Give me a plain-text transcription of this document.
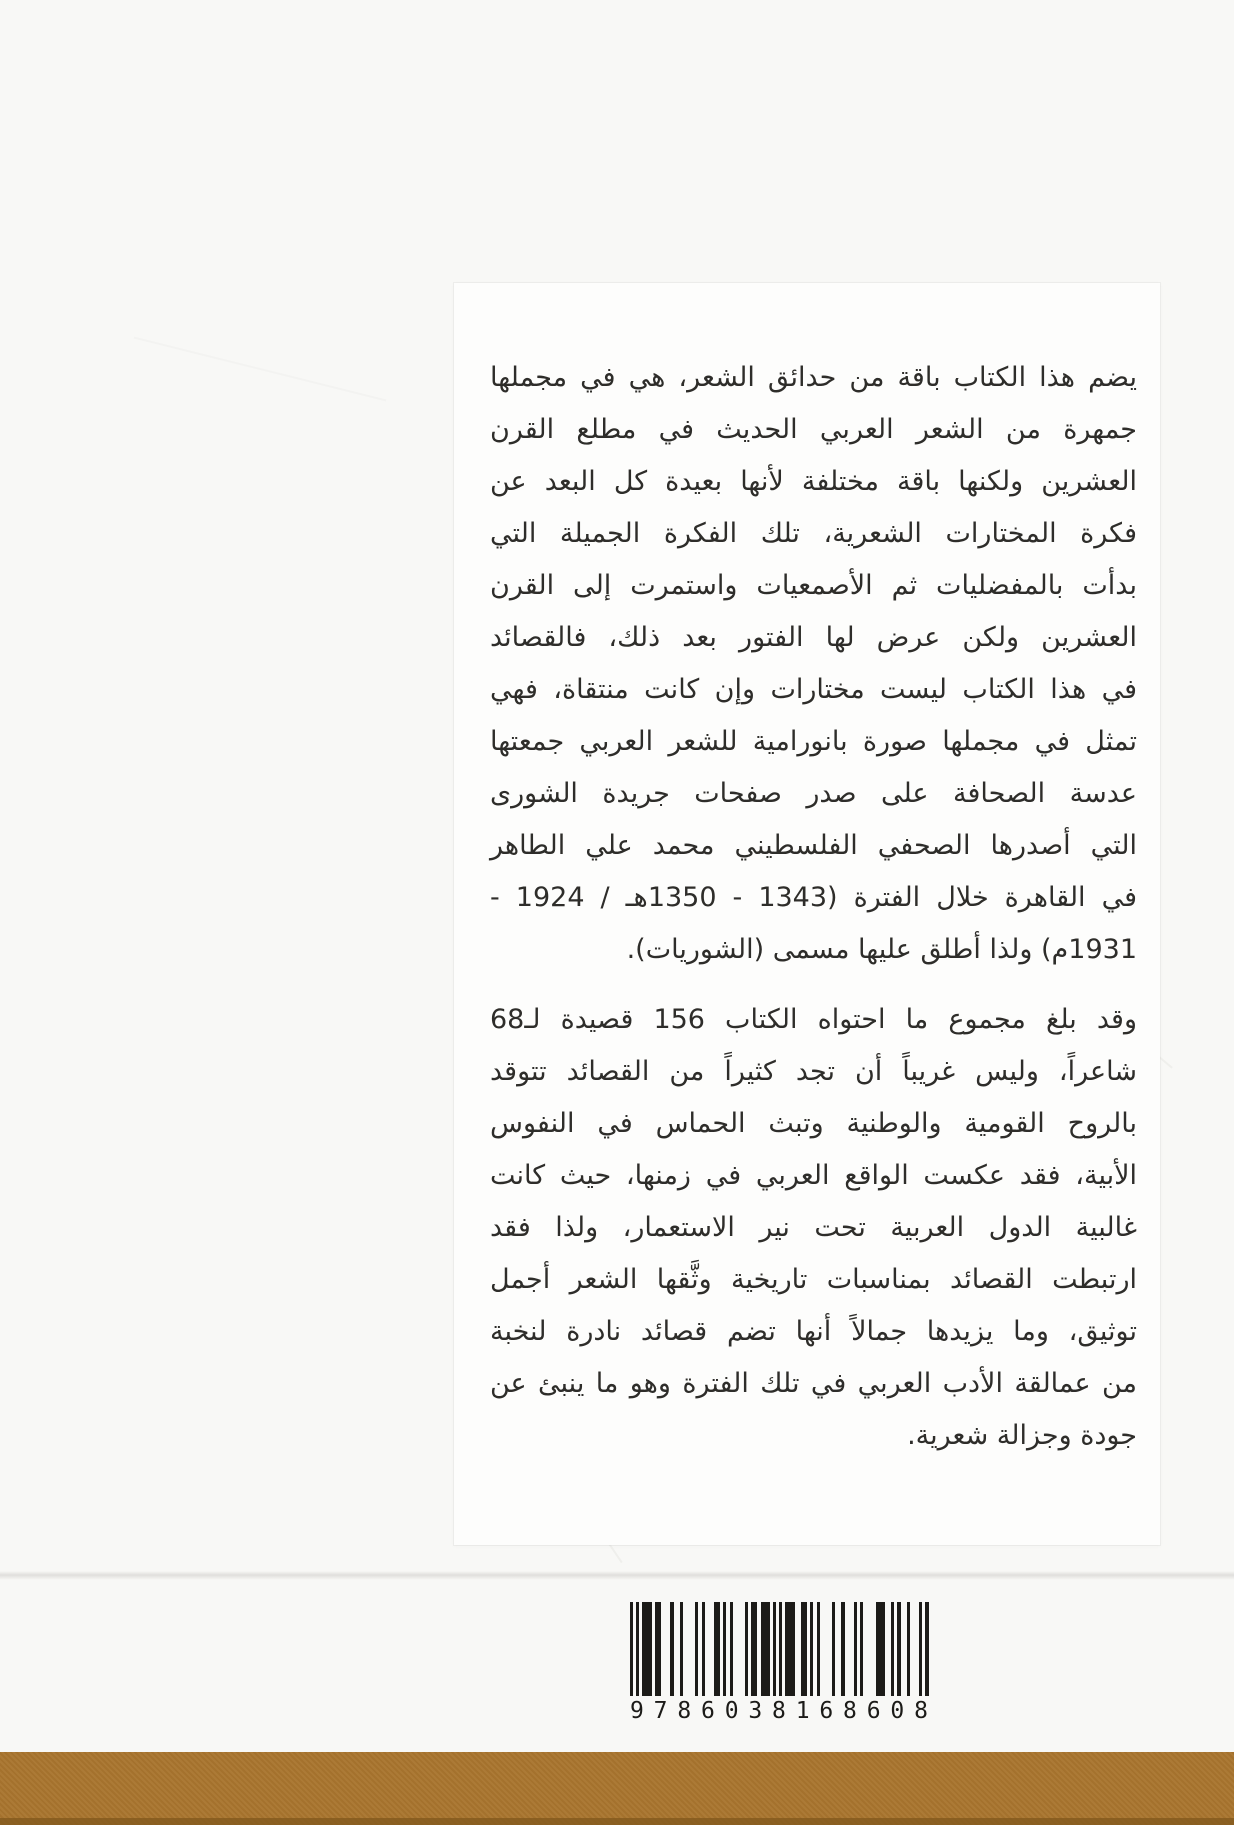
يضم هذا الكتاب باقة من حدائق الشعر، هي في مجملها
جمهرة من الشعر العربي الحديث في مطلع القرن
العشرين ولكنها باقة مختلفة لأنها بعيدة كل البعد عن
فكرة المختارات الشعرية، تلك الفكرة الجميلة التي
بدأت بالمفضليات ثم الأصمعيات واستمرت إلى القرن
العشرين ولكن عرض لها الفتور بعد ذلك، فالقصائد
في هذا الكتاب ليست مختارات وإن كانت منتقاة، فهي
تمثل في مجملها صورة بانورامية للشعر العربي جمعتها
عدسة الصحافة على صدر صفحات جريدة الشورى
التي أصدرها الصحفي الفلسطيني محمد علي الطاهر
في القاهرة خلال الفترة (1343 - 1350هـ / 1924 -
1931م) ولذا أطلق عليها مسمى (الشوريات).
وقد بلغ مجموع ما احتواه الكتاب 156 قصيدة لـ68
شاعراً، وليس غريباً أن تجد كثيراً من القصائد تتوقد
بالروح القومية والوطنية وتبث الحماس في النفوس
الأبية، فقد عكست الواقع العربي في زمنها، حيث كانت
غالبية الدول العربية تحت نير الاستعمار، ولذا فقد
ارتبطت القصائد بمناسبات تاريخية وثَّقها الشعر أجمل
توثيق، وما يزيدها جمالاً أنها تضم قصائد نادرة لنخبة
من عمالقة الأدب العربي في تلك الفترة وهو ما ينبئ عن
جودة وجزالة شعرية.
9 7 8 6 0 3 8 1 6 8 6 0 8
